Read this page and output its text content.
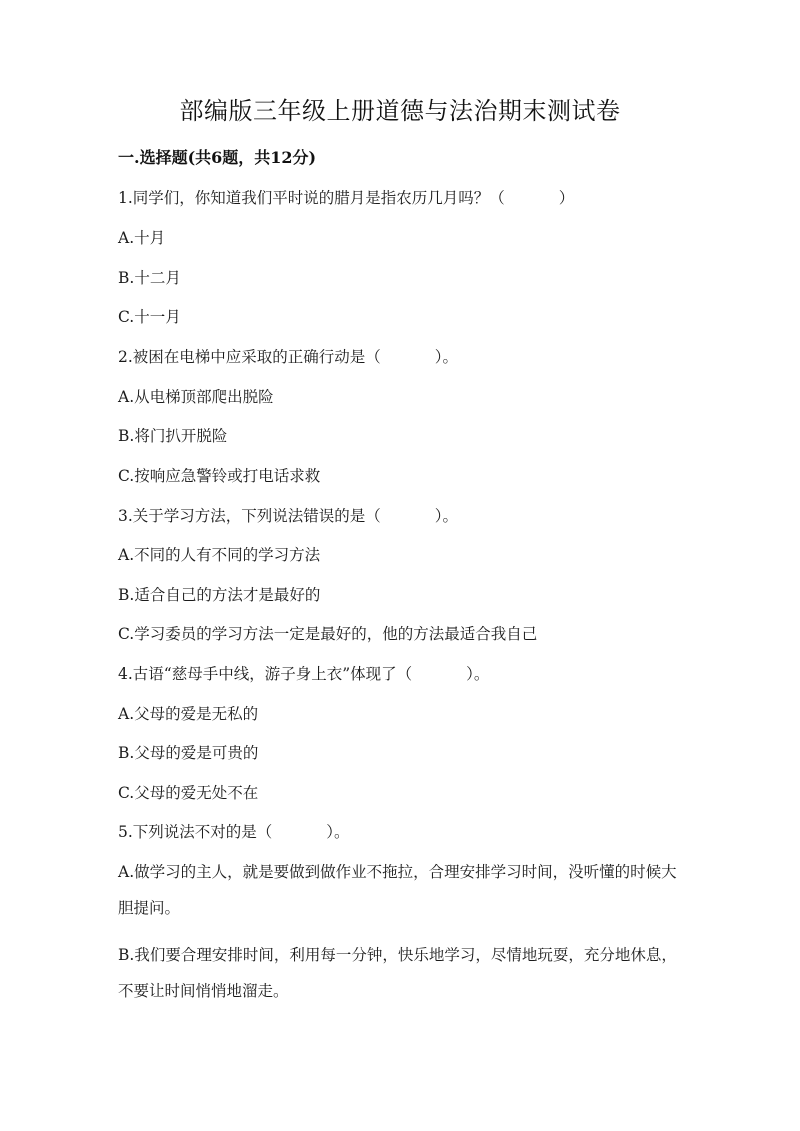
部编版三年级上册道德与法治期末测试卷
一.选择题(共6题，共12分)
1.同学们，你知道我们平时说的腊月是指农历几月吗？（	）
A.十月
B.十二月
C.十一月
2.被困在电梯中应采取的正确行动是（	）。
A.从电梯顶部爬出脱险
B.将门扒开脱险
C.按响应急警铃或打电话求救
3.关于学习方法，下列说法错误的是（	）。
A.不同的人有不同的学习方法
B.适合自己的方法才是最好的
C.学习委员的学习方法一定是最好的，他的方法最适合我自己
4.古语“慈母手中线，游子身上衣”体现了（	）。
A.父母的爱是无私的
B.父母的爱是可贵的
C.父母的爱无处不在
5.下列说法不对的是（	）。
A.做学习的主人，就是要做到做作业不拖拉，合理安排学习时间，没听懂的时候大胆提问。
B.我们要合理安排时间，利用每一分钟，快乐地学习，尽情地玩耍，充分地休息，不要让时间悄悄地溜走。
